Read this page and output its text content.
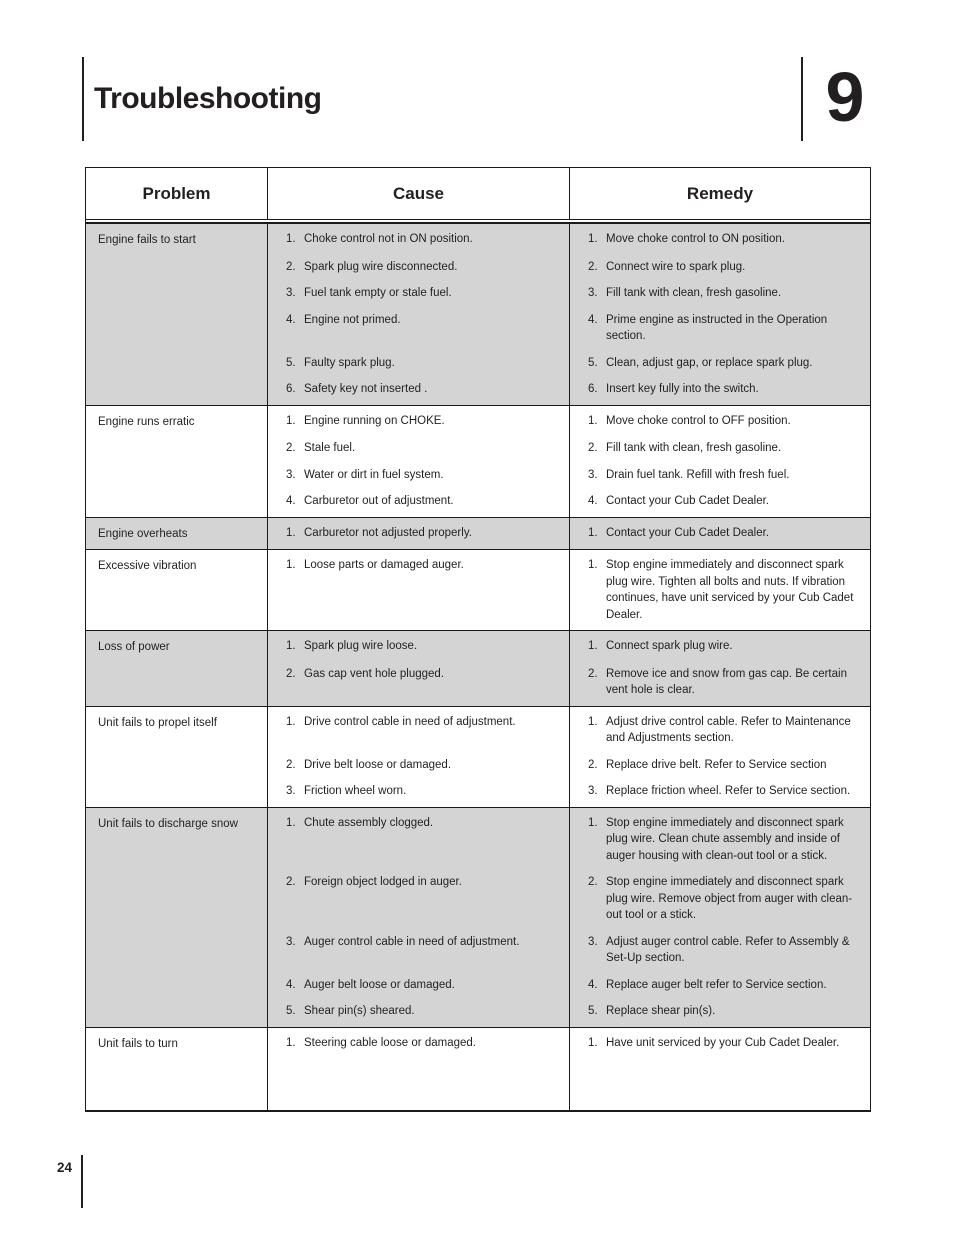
Troubleshooting	9
Problem	Cause	Remedy
Engine fails to start	1. Choke control not in ON position.	1. Move choke control to ON position.
2. Spark plug wire disconnected.	2. Connect wire to spark plug.
3. Fuel tank empty or stale fuel.	3. Fill tank with clean, fresh gasoline.
4. Engine not primed.	4. Prime engine as instructed in the Operation section.
5. Faulty spark plug.	5. Clean, adjust gap, or replace spark plug.
6. Safety key not inserted .	6. Insert key fully into the switch.
Engine runs erratic	1. Engine running on CHOKE.	1. Move choke control to OFF position.
2. Stale fuel.	2. Fill tank with clean, fresh gasoline.
3. Water or dirt in fuel system.	3. Drain fuel tank. Refill with fresh fuel.
4. Carburetor out of adjustment.	4. Contact your Cub Cadet Dealer.
Engine overheats	1. Carburetor not adjusted properly.	1. Contact your Cub Cadet Dealer.
Excessive vibration	1. Loose parts or damaged auger.	1. Stop engine immediately and disconnect spark plug wire. Tighten all bolts and nuts. If vibration continues, have unit serviced by your Cub Cadet Dealer.
Loss of power	1. Spark plug wire loose.	1. Connect spark plug wire.
2. Gas cap vent hole plugged.	2. Remove ice and snow from gas cap. Be certain vent hole is clear.
Unit fails to propel itself	1. Drive control cable in need of adjustment.	1. Adjust drive control cable. Refer to Maintenance and Adjustments section.
2. Drive belt loose or damaged.	2. Replace drive belt. Refer to Service section
3. Friction wheel worn.	3. Replace friction wheel. Refer to Service section.
Unit fails to discharge snow	1. Chute assembly clogged.	1. Stop engine immediately and disconnect spark plug wire. Clean chute assembly and inside of auger housing with clean-out tool or a stick.
2. Foreign object lodged in auger.	2. Stop engine immediately and disconnect spark plug wire. Remove object from auger with clean-out tool or a stick.
3. Auger control cable in need of adjustment.	3. Adjust auger control cable. Refer to Assembly & Set-Up section.
4. Auger belt loose or damaged.	4. Replace auger belt refer to Service section.
5. Shear pin(s) sheared.	5. Replace shear pin(s).
Unit fails to turn	1. Steering cable loose or damaged.	1. Have unit serviced by your Cub Cadet Dealer.
24
